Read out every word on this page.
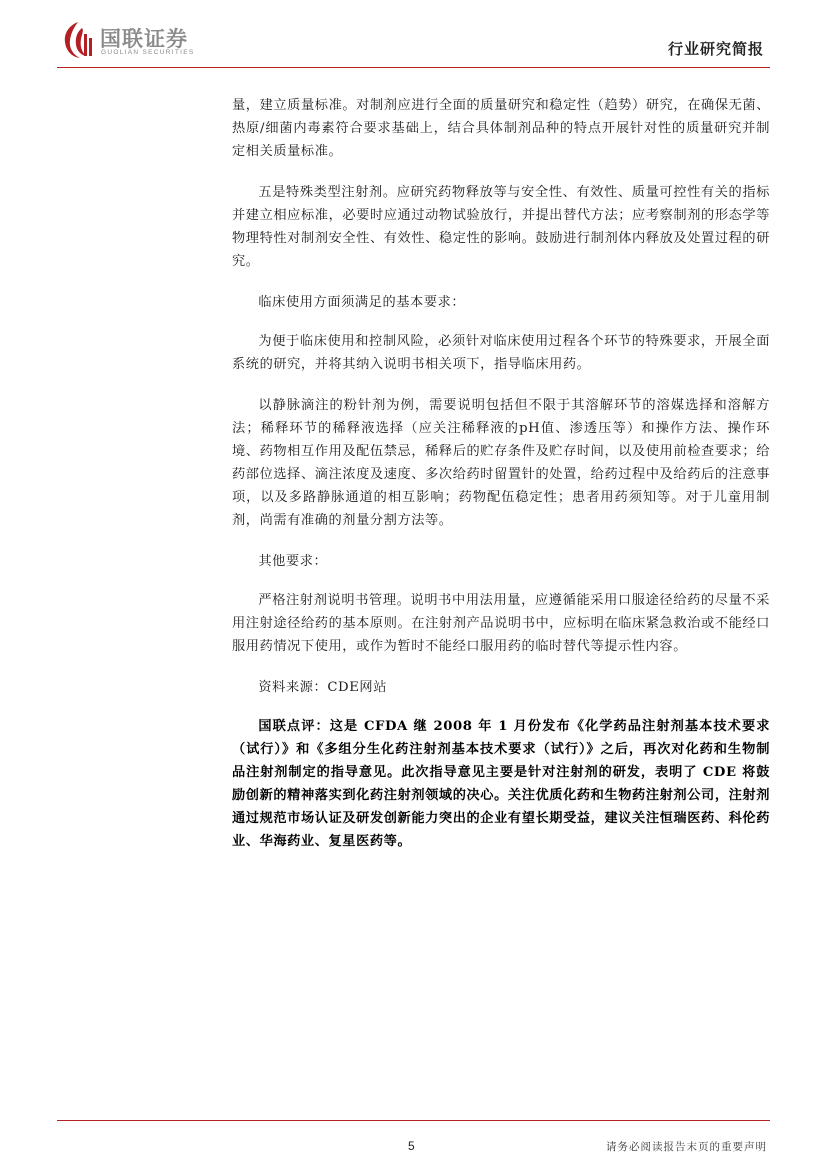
国联证券
GUOLIAN SECURITIES	行业研究简报

量，建立质量标准。对制剂应进行全面的质量研究和稳定性（趋势）研究，在确保无菌、热原/细菌内毒素符合要求基础上，结合具体制剂品种的特点开展针对性的质量研究并制定相关质量标准。

五是特殊类型注射剂。应研究药物释放等与安全性、有效性、质量可控性有关的指标并建立相应标准，必要时应通过动物试验放行，并提出替代方法；应考察制剂的形态学等物理特性对制剂安全性、有效性、稳定性的影响。鼓励进行制剂体内释放及处置过程的研究。

临床使用方面须满足的基本要求：

为便于临床使用和控制风险，必须针对临床使用过程各个环节的特殊要求，开展全面系统的研究，并将其纳入说明书相关项下，指导临床用药。

以静脉滴注的粉针剂为例，需要说明包括但不限于其溶解环节的溶媒选择和溶解方法；稀释环节的稀释液选择（应关注稀释液的pH值、渗透压等）和操作方法、操作环境、药物相互作用及配伍禁忌，稀释后的贮存条件及贮存时间，以及使用前检查要求；给药部位选择、滴注浓度及速度、多次给药时留置针的处置，给药过程中及给药后的注意事项，以及多路静脉通道的相互影响；药物配伍稳定性；患者用药须知等。对于儿童用制剂，尚需有准确的剂量分割方法等。

其他要求：

严格注射剂说明书管理。说明书中用法用量，应遵循能采用口服途径给药的尽量不采用注射途径给药的基本原则。在注射剂产品说明书中，应标明在临床紧急救治或不能经口服用药情况下使用，或作为暂时不能经口服用药的临时替代等提示性内容。

资料来源：CDE网站

国联点评：这是 CFDA 继 2008 年 1 月份发布《化学药品注射剂基本技术要求（试行）》和《多组分生化药注射剂基本技术要求（试行）》之后，再次对化药和生物制品注射剂制定的指导意见。此次指导意见主要是针对注射剂的研发，表明了 CDE 将鼓励创新的精神落实到化药注射剂领域的决心。关注优质化药和生物药注射剂公司，注射剂通过规范市场认证及研发创新能力突出的企业有望长期受益，建议关注恒瑞医药、科伦药业、华海药业、复星医药等。

5	请务必阅读报告末页的重要声明
